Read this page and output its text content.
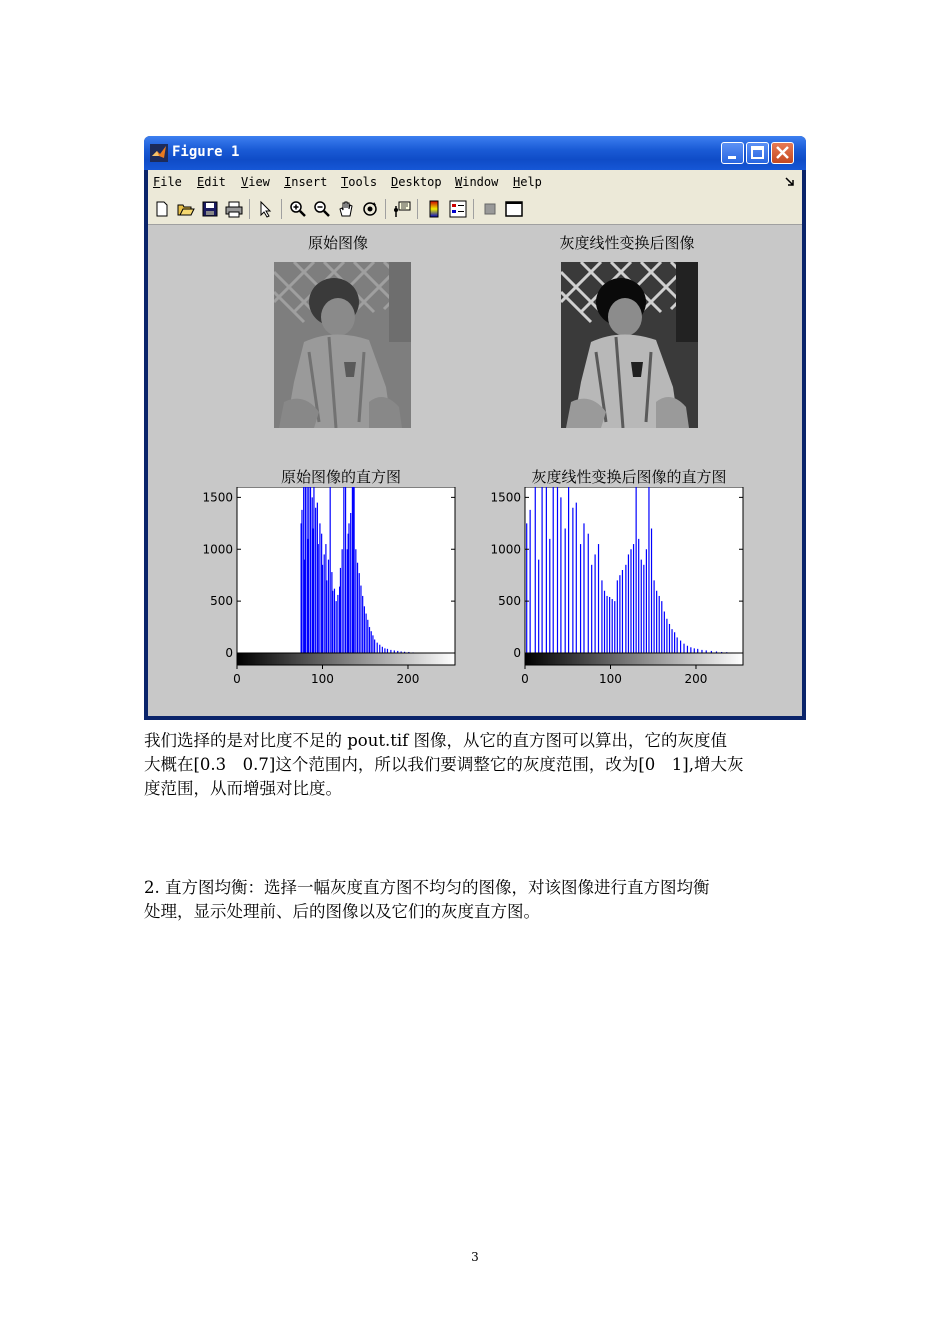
Figure 1
File Edit View Insert Tools Desktop Window Help
原始图像	灰度线性变换后图像
原始图像的直方图	灰度线性变换后图像的直方图
0
500
1000
1500
0	100	200
0
500
1000
1500
0	100	200
我们选择的是对比度不足的 pout.tif 图像，从它的直方图可以算出，它的灰度值
大概在[0.3　0.7]这个范围内，所以我们要调整它的灰度范围，改为[0　1],增大灰
度范围，从而增强对比度。
2. 直方图均衡：选择一幅灰度直方图不均匀的图像，对该图像进行直方图均衡
处理，显示处理前、后的图像以及它们的灰度直方图。
3
